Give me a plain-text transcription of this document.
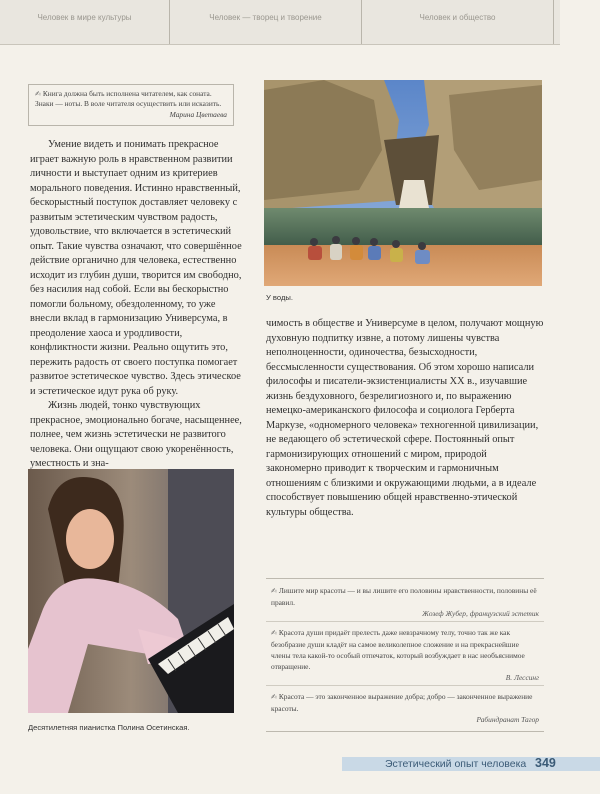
Человек в мире культуры	Человек — творец и творение	Человек и общество
✍ Книга должна быть исполнена читателем, как соната. Знаки — ноты. В воле читателя осуществить или исказить.
Марина Цветаева

Умение видеть и понимать прекрасное играет важную роль в нравственном развитии личности и выступает одним из критериев морального поведения. Истинно нравственный, бескорыстный поступок доставляет человеку с развитым эстетическим чувством радость, удовольствие, что включается в эстетический опыт. Такие чувства означают, что совершённое действие органично для человека, естественно исходит из глубин души, творится им свободно, без насилия над собой. Если вы бескорыстно помогли больному, обездоленному, то уже внесли вклад в гармонизацию Универсума, в преодоление хаоса и уродливости, конфликтности жизни. Реально ощутить это, пережить радость от своего поступка помогает развитое эстетическое чувство. Здесь этическое и эстетическое идут рука об руку.

Жизнь людей, тонко чувствующих прекрасное, эмоционально богаче, насыщеннее, полнее, чем жизнь эстетически не развитого человека. Они ощущают свою укоренённость, уместность и зна-

У воды.
чимость в обществе и Универсуме в целом, получают мощную духовную подпитку извне, а потому лишены чувства неполноценности, одиночества, безысходности, бессмысленности существования. Об этом хорошо написали философы и писатели-экзистенциалисты XX в., изучавшие жизнь бездуховного, безрелигиозного и, по выражению немецко-американского философа и социолога Герберта Маркузе, «одномерного человека» техногенной цивилизации, не ведающего об эстетической сфере. Постоянный опыт гармонизирующих отношений с миром, природой закономерно приводит к творческим и гармоничным отношениям с близкими и окружающими людьми, а в идеале способствует повышению общей нравственно-этической культуры общества.
Десятилетняя пианистка Полина Осетинская.
✍ Лишите мир красоты — и вы лишите его половины нравственности, половины её правил.
Жозеф Жубер, французский эстетик
✍ Красота души придаёт прелесть даже невзрачному телу, точно так же как безобразие души кладёт на самое великолепное сложение и на прекраснейшие члены тела какой-то особый отпечаток, который возбуждает в нас необъяснимое отвращение.
В. Лессинг
✍ Красота — это законченное выражение добра; добро — законченное выражение красоты.
Рабиндранат Тагор
Эстетический опыт человека 349
